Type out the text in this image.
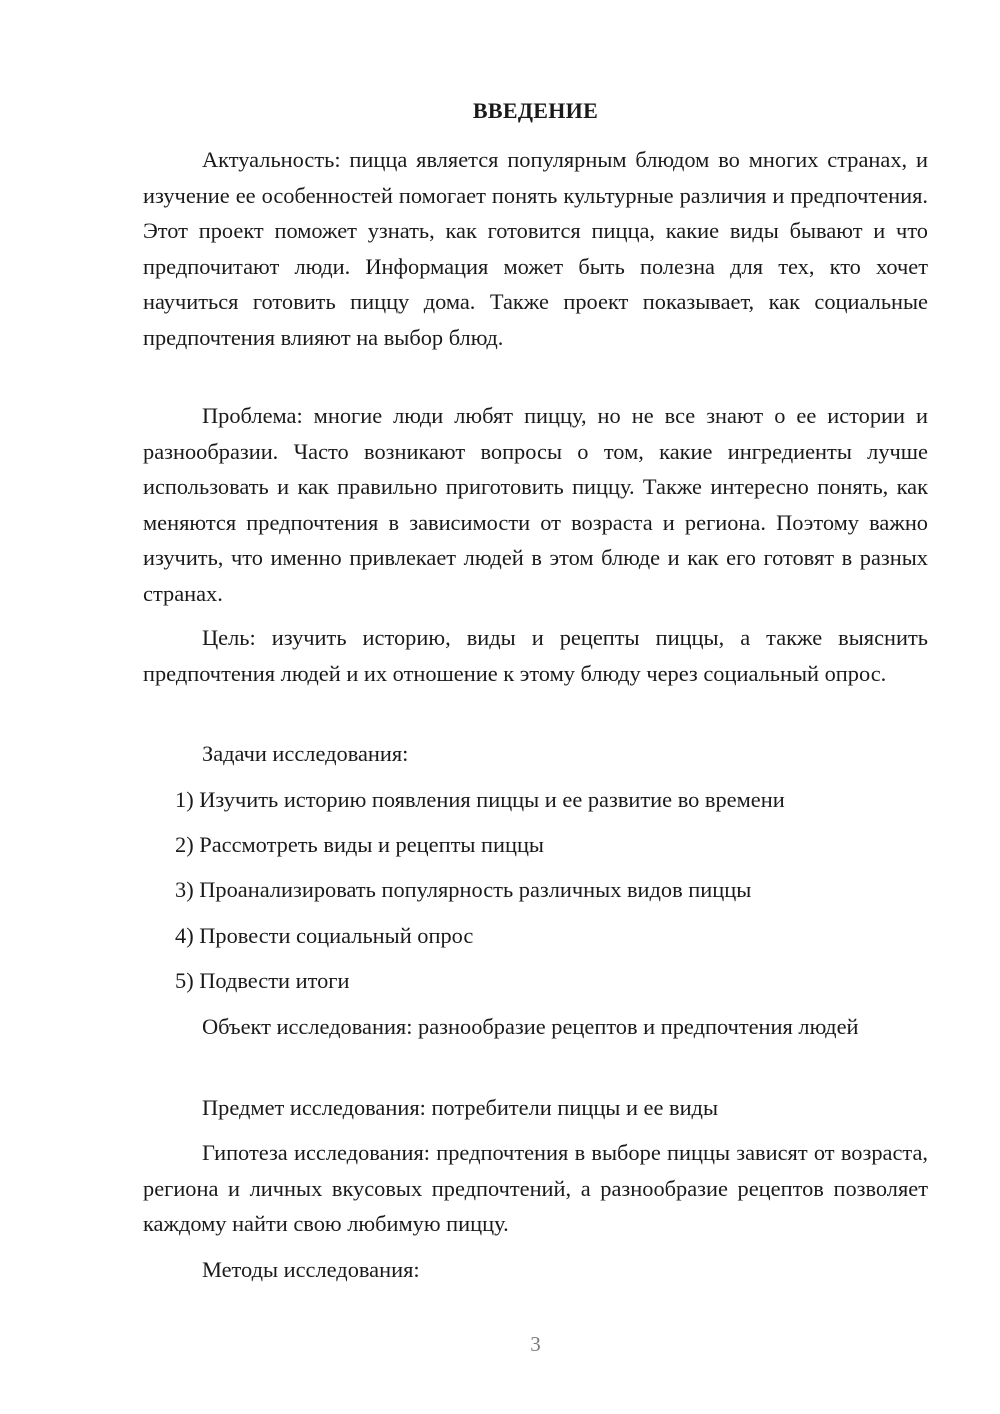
ВВЕДЕНИЕ

Актуальность: пицца является популярным блюдом во многих странах, и изучение ее особенностей помогает понять культурные различия и предпочтения. Этот проект поможет узнать, как готовится пицца, какие виды бывают и что предпочитают люди. Информация может быть полезна для тех, кто хочет научиться готовить пиццу дома. Также проект показывает, как социальные предпочтения влияют на выбор блюд.

Проблема: многие люди любят пиццу, но не все знают о ее истории и разнообразии. Часто возникают вопросы о том, какие ингредиенты лучше использовать и как правильно приготовить пиццу. Также интересно понять, как меняются предпочтения в зависимости от возраста и региона. Поэтому важно изучить, что именно привлекает людей в этом блюде и как его готовят в разных странах.

Цель: изучить историю, виды и рецепты пиццы, а также выяснить предпочтения людей и их отношение к этому блюду через социальный опрос.

Задачи исследования:

1) Изучить историю появления пиццы и ее развитие во времени
2) Рассмотреть виды и рецепты пиццы
3) Проанализировать популярность различных видов пиццы
4) Провести социальный опрос
5) Подвести итоги

Объект исследования: разнообразие рецептов и предпочтения людей

Предмет исследования: потребители пиццы и ее виды

Гипотеза исследования: предпочтения в выборе пиццы зависят от возраста, региона и личных вкусовых предпочтений, а разнообразие рецептов позволяет каждому найти свою любимую пиццу.

Методы исследования:

3
